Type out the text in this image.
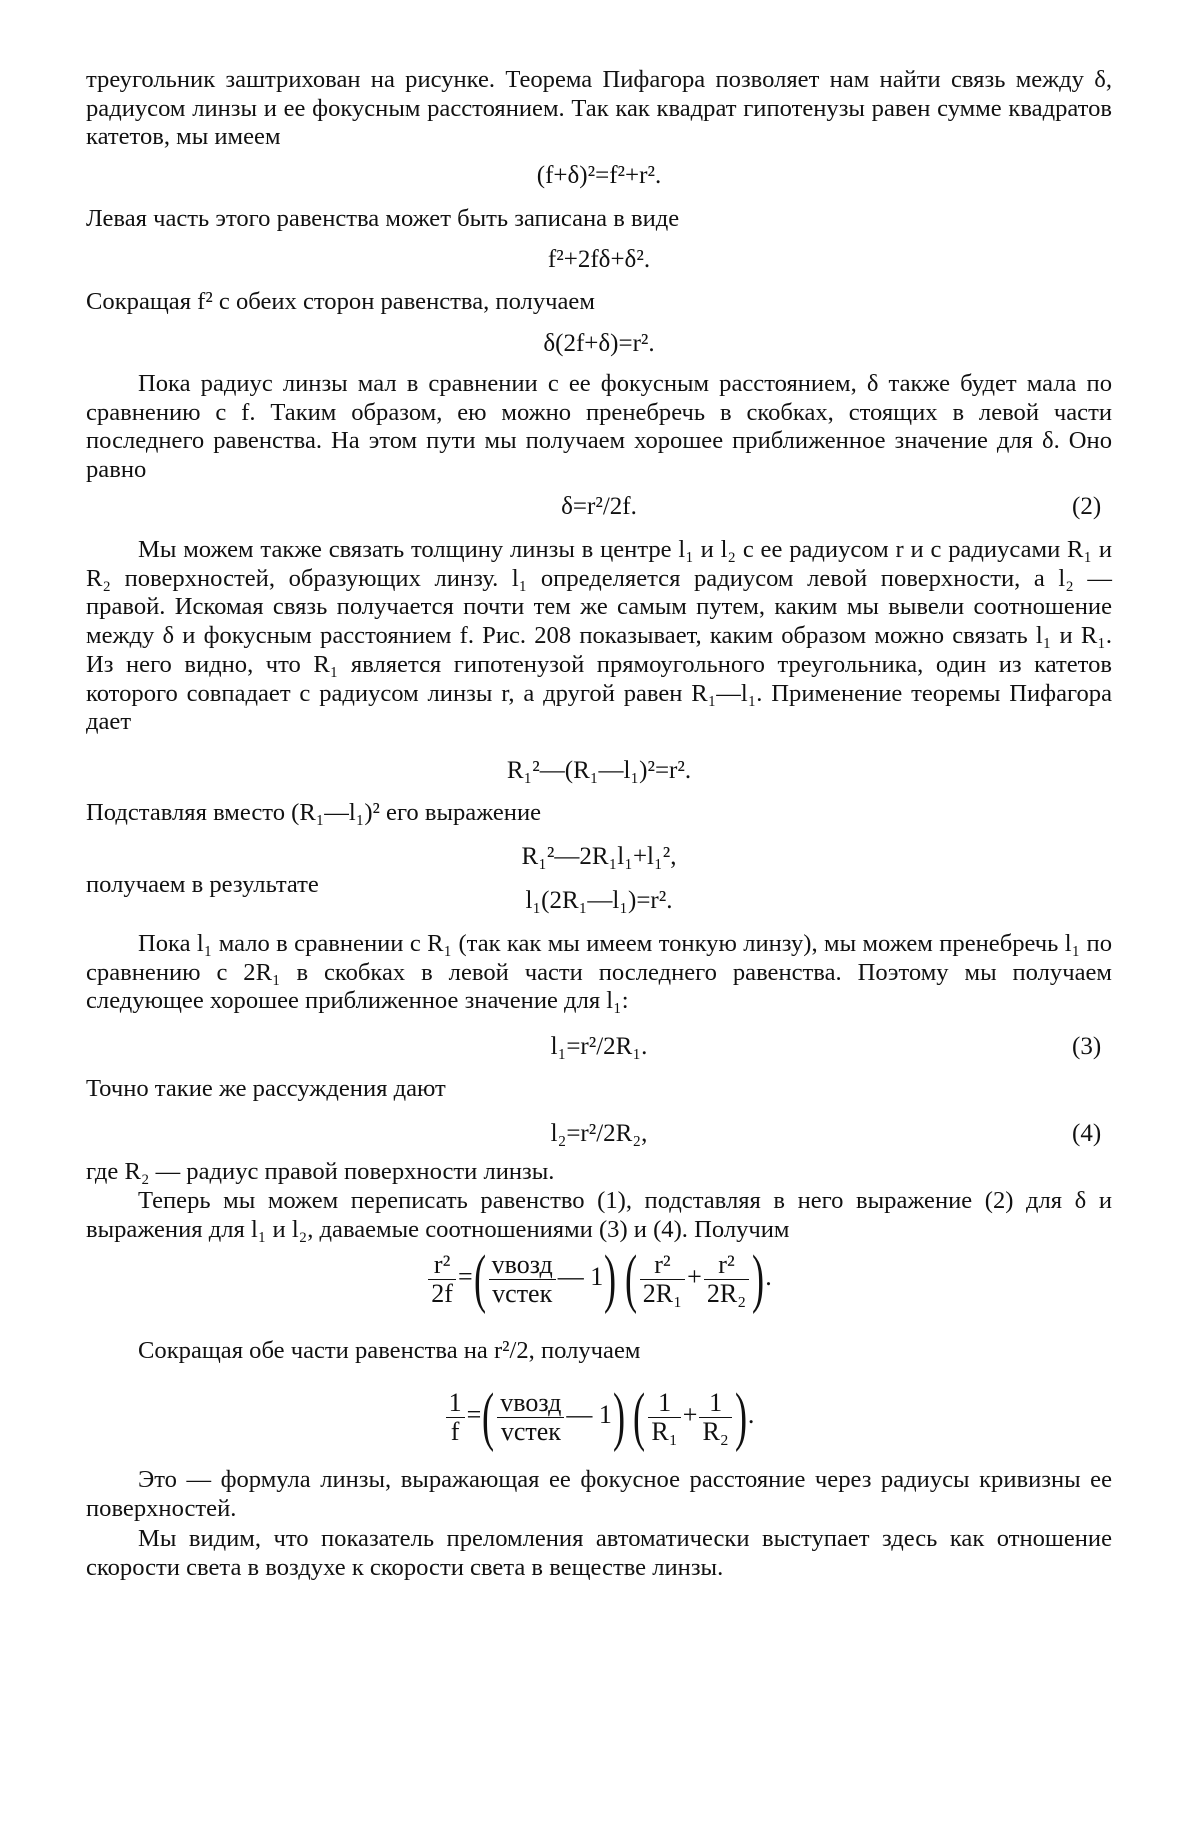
треугольник заштрихован на рисунке. Теорема Пифагора позволяет нам найти связь между δ, радиусом линзы и ее фокусным расстоянием. Так как квадрат гипотенузы равен сумме квадратов катетов, мы имеем
(f+δ)²=f²+r².
Левая часть этого равенства может быть записана в виде
f²+2fδ+δ².
Сокращая f² с обеих сторон равенства, получаем
δ(2f+δ)=r².
Пока радиус линзы мал в сравнении с ее фокусным расстоянием, δ также будет мала по сравнению с f. Таким образом, ею можно пренебречь в скобках, стоящих в левой части последнего равенства. На этом пути мы получаем хорошее приближенное значение для δ. Оно равно
δ=r²/2f.	(2)
Мы можем также связать толщину линзы в центре l₁ и l₂ с ее радиусом r и с радиусами R₁ и R₂ поверхностей, образующих линзу. l₁ определяется радиусом левой поверхности, а l₂ — правой. Искомая связь получается почти тем же самым путем, каким мы вывели соотношение между δ и фокусным расстоянием f. Рис. 208 показывает, каким образом можно связать l₁ и R₁. Из него видно, что R₁ является гипотенузой прямоугольного треугольника, один из катетов которого совпадает с радиусом линзы r, а другой равен R₁—l₁. Применение теоремы Пифагора дает
R₁²—(R₁—l₁)²=r².
Подставляя вместо (R₁—l₁)² его выражение
R₁²—2R₁l₁+l₁²,
получаем в результате
l₁(2R₁—l₁)=r².
Пока l₁ мало в сравнении с R₁ (так как мы имеем тонкую линзу), мы можем пренебречь l₁ по сравнению с 2R₁ в скобках в левой части последнего равенства. Поэтому мы получаем следующее хорошее приближенное значение для l₁:
l₁=r²/2R₁.	(3)
Точно такие же рассуждения дают
l₂=r²/2R₂,	(4)
где R₂ — радиус правой поверхности линзы.
Теперь мы можем переписать равенство (1), подставляя в него выражение (2) для δ и выражения для l₁ и l₂, даваемые соотношениями (3) и (4). Получим
$\frac{\text{r²}}{2f}$ =( $\frac{\text{vвозд}}{\text{vстек}}$ — 1) ( $\frac{\text{r²}}{\text{2R₁}} + \frac{\text{r²}}{\text{2R₂}}$ ).
Сокращая обе части равенства на r²/2, получаем
$\frac{1}{f}$ =( $\frac{\text{vвозд}}{\text{vстек}}$ — 1) ( $\frac{1}{\text{R₁}} + \frac{1}{\text{R₂}}$ ).
Это — формула линзы, выражающая ее фокусное расстояние через радиусы кривизны ее поверхностей.
Мы видим, что показатель преломления автоматически выступает здесь как отношение скорости света в воздухе к скорости света в веществе линзы.
